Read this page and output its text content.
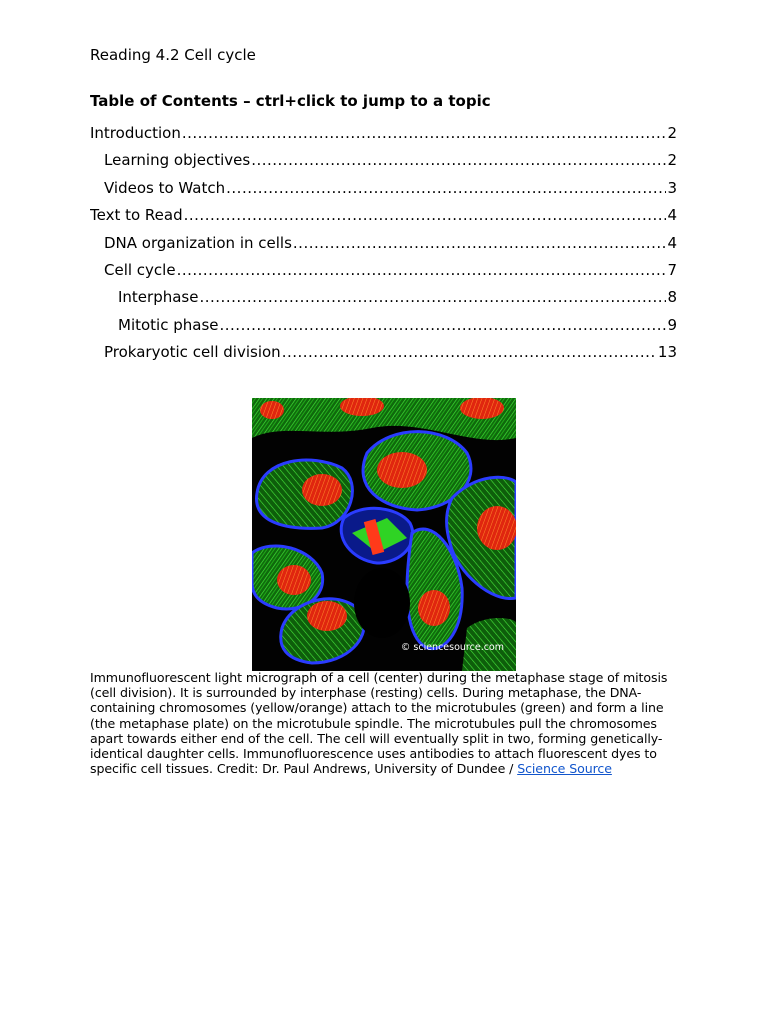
Reading 4.2 Cell cycle
Table of Contents – ctrl+click to jump to a topic
Introduction .....	2
Learning objectives .....	2
Videos to Watch .....	3
Text to Read .....	4
DNA organization in cells .....	4
Cell cycle .....	7
Interphase .....	8
Mitotic phase .....	9
Prokaryotic cell division .....	13
© sciencesource.com
Immunofluorescent light micrograph of a cell (center) during the metaphase stage of mitosis (cell division). It is surrounded by interphase (resting) cells. During metaphase, the DNA-containing chromosomes (yellow/orange) attach to the microtubules (green) and form a line (the metaphase plate) on the microtubule spindle. The microtubules pull the chromosomes apart towards either end of the cell. The cell will eventually split in two, forming genetically-identical daughter cells. Immunofluorescence uses antibodies to attach fluorescent dyes to specific cell tissues. Credit: Dr. Paul Andrews, University of Dundee / Science Source
